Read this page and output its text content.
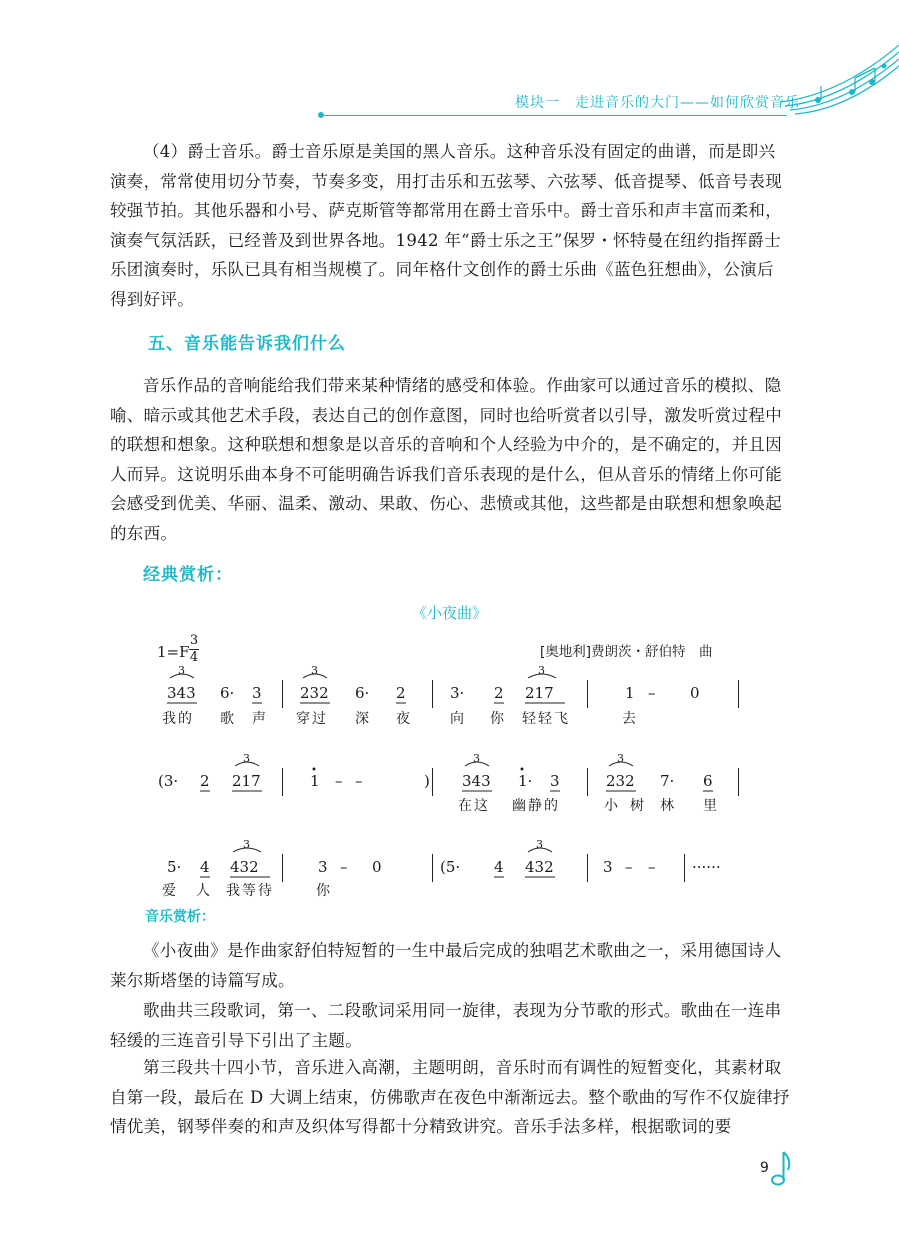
模块一　走进音乐的大门——如何欣赏音乐

（4）爵士音乐。爵士音乐原是美国的黑人音乐。这种音乐没有固定的曲谱，而是即兴演奏，常常使用切分节奏，节奏多变，用打击乐和五弦琴、六弦琴、低音提琴、低音号表现较强节拍。其他乐器和小号、萨克斯管等都常用在爵士音乐中。爵士音乐和声丰富而柔和，演奏气氛活跃，已经普及到世界各地。1942 年“爵士乐之王”保罗・怀特曼在纽约指挥爵士乐团演奏时，乐队已具有相当规模了。同年格什文创作的爵士乐曲《蓝色狂想曲》，公演后得到好评。

五、音乐能告诉我们什么

音乐作品的音响能给我们带来某种情绪的感受和体验。作曲家可以通过音乐的模拟、隐喻、暗示或其他艺术手段，表达自己的创作意图，同时也给听赏者以引导，激发听赏过程中的联想和想象。这种联想和想象是以音乐的音响和个人经验为中介的，是不确定的，并且因人而异。这说明乐曲本身不可能明确告诉我们音乐表现的是什么，但从音乐的情绪上你可能会感受到优美、华丽、温柔、激动、果敢、伤心、悲愤或其他，这些都是由联想和想象唤起的东西。

经典赏析：
《小夜曲》
1=F
3
4	[奥地利]费朗茨・舒伯特　曲
343 6· 3	232 6· 2	3· 2 217	1 – 0
我的 歌 声 穿过 深 夜	向 你 轻轻飞	去
(3· 2 217	1 – –	) 343 1· 3	232 7· 6
在这 幽静的	小 树 林 里
5· 4 432	3 – 0	(5· 4 432	3 – – ······
爱 人 我等待	你
3	3	3
3	3	3
3	3
音乐赏析：

《小夜曲》是作曲家舒伯特短暂的一生中最后完成的独唱艺术歌曲之一，采用德国诗人莱尔斯塔堡的诗篇写成。

歌曲共三段歌词，第一、二段歌词采用同一旋律，表现为分节歌的形式。歌曲在一连串轻缓的三连音引导下引出了主题。

第三段共十四小节，音乐进入高潮，主题明朗，音乐时而有调性的短暂变化，其素材取自第一段，最后在 D 大调上结束，仿佛歌声在夜色中渐渐远去。整个歌曲的写作不仅旋律抒情优美，钢琴伴奏的和声及织体写得都十分精致讲究。音乐手法多样，根据歌词的要

9
